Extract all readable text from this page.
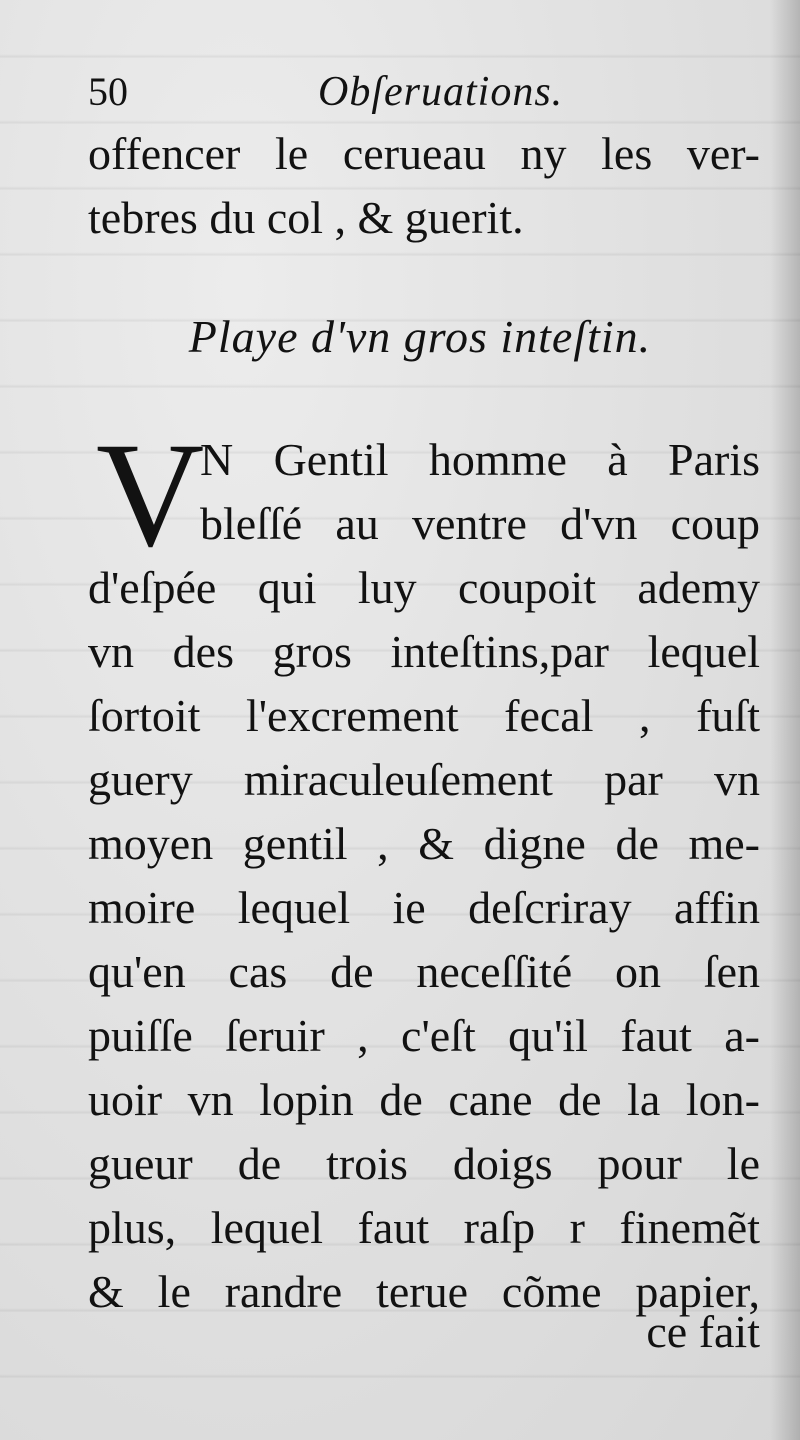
50	Obſeruations.
offencer le cerueau ny les ver-
tebres du col , & guerit.
Playe d'vn gros inteſtin.
V
N Gentil homme à Paris
bleſſé au ventre d'vn coup
d'eſpée qui luy coupoit ademy
vn des gros inteſtins,par lequel
ſortoit l'excrement fecal , fuſt
guery miraculeuſement par vn
moyen gentil , & digne de me-
moire lequel ie deſcriray affin
qu'en cas de neceſſité on ſen
puiſſe ſeruir , c'eſt qu'il faut a-
uoir vn lopin de cane de la lon-
gueur de trois doigs pour le
plus, lequel faut raſp r finemẽt
& le randre terue cõme papier,
ce fait
